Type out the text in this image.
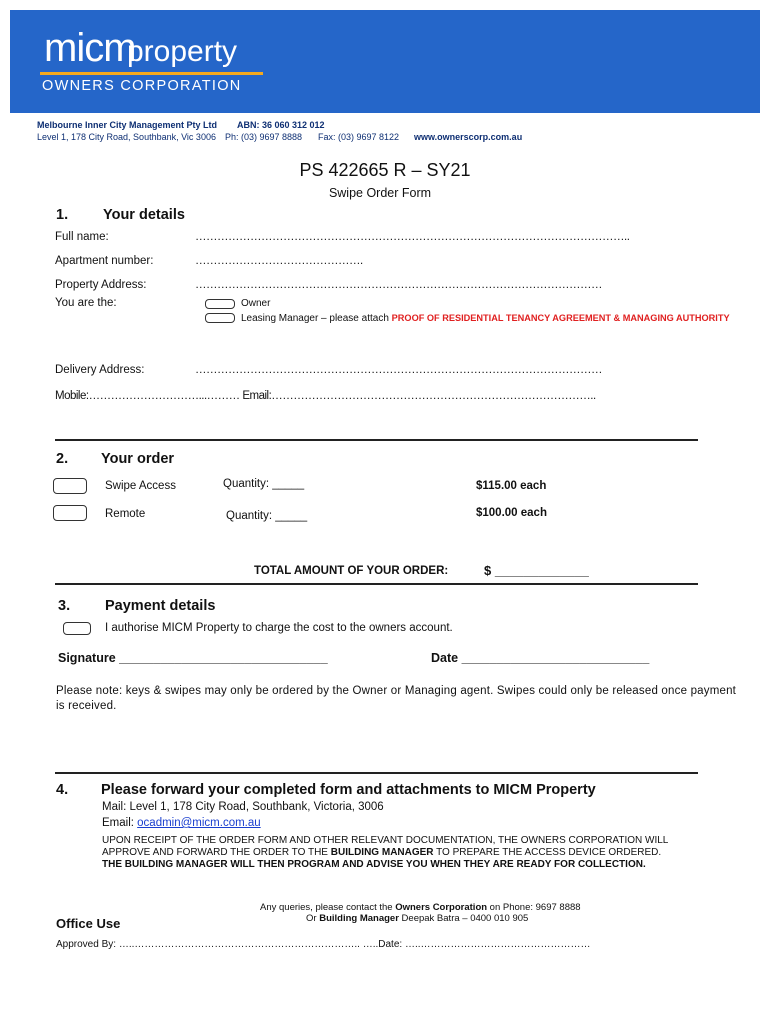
micm
property
OWNERS CORPORATION
Melbourne Inner City Management Pty Ltd ABN: 36 060 312 012
Level 1, 178 City Road, Southbank, Vic 3006 Ph: (03) 9697 8888 Fax: (03) 9697 8122 www.ownerscorp.com.au
PS 422665 R – SY21
Swipe Order Form
1. Your details
Full name:	………………………………………………………………………………………………………..
Apartment number:	……………………………………….
Property Address:	…………………………………………………………………………………………………
You are the:	Owner
Leasing Manager – please attach PROOF OF RESIDENTIAL TENANCY AGREEMENT & MANAGING AUTHORITY
Delivery Address:	…………………………………………………………………………………………………
Mobile:…………………………...……… Email:……………………………………………………………………………..
2. Your order
Swipe Access	Quantity: _____	$115.00 each
Remote	Quantity: _____	$100.00 each
TOTAL AMOUNT OF YOUR ORDER:	$ _____________
3. Payment details
I authorise MICM Property to charge the cost to the owners account.
Signature ______________________________	Date ___________________________
Please note: keys & swipes may only be ordered by the Owner or Managing agent. Swipes could only be released once payment is received.
4. Please forward your completed form and attachments to MICM Property
Mail: Level 1, 178 City Road, Southbank, Victoria, 3006
Email: ocadmin@micm.com.au
UPON RECEIPT OF THE ORDER FORM AND OTHER RELEVANT DOCUMENTATION, THE OWNERS CORPORATION WILL
APPROVE AND FORWARD THE ORDER TO THE BUILDING MANAGER TO PREPARE THE ACCESS DEVICE ORDERED.
THE BUILDING MANAGER WILL THEN PROGRAM AND ADVISE YOU WHEN THEY ARE READY FOR COLLECTION.
Any queries, please contact the Owners Corporation on Phone: 9697 8888
Or Building Manager Deepak Batra – 0400 010 905
Office Use
Approved By: …..………………………………………………………….. …..Date: …..……………………………………………
